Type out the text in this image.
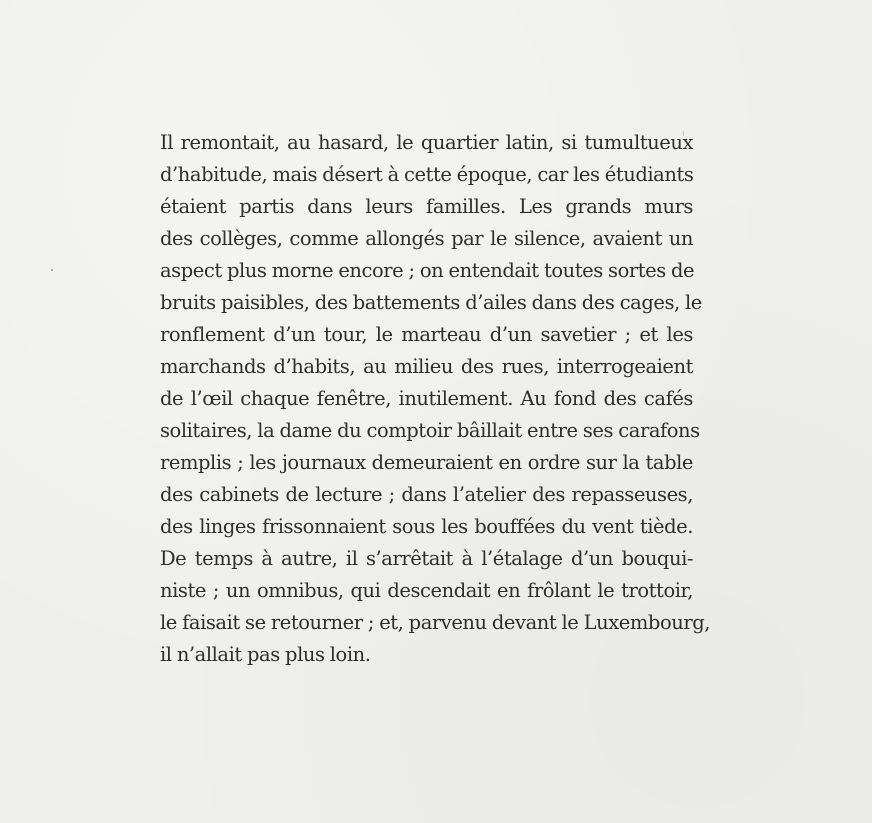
Il remontait, au hasard, le quartier latin, si tumultueux
d’habitude, mais désert à cette époque, car les étudiants
étaient partis dans leurs familles. Les grands murs
des collèges, comme allongés par le silence, avaient un
aspect plus morne encore ; on entendait toutes sortes de
bruits paisibles, des battements d’ailes dans des cages, le
ronflement d’un tour, le marteau d’un savetier ; et les
marchands d’habits, au milieu des rues, interrogeaient
de l’œil chaque fenêtre, inutilement. Au fond des cafés
solitaires, la dame du comptoir bâillait entre ses carafons
remplis ; les journaux demeuraient en ordre sur la table
des cabinets de lecture ; dans l’atelier des repasseuses,
des linges frissonnaient sous les bouffées du vent tiède.
De temps à autre, il s’arrêtait à l’étalage d’un bouqui-
niste ; un omnibus, qui descendait en frôlant le trottoir,
le faisait se retourner ; et, parvenu devant le Luxembourg,
il n’allait pas plus loin.
